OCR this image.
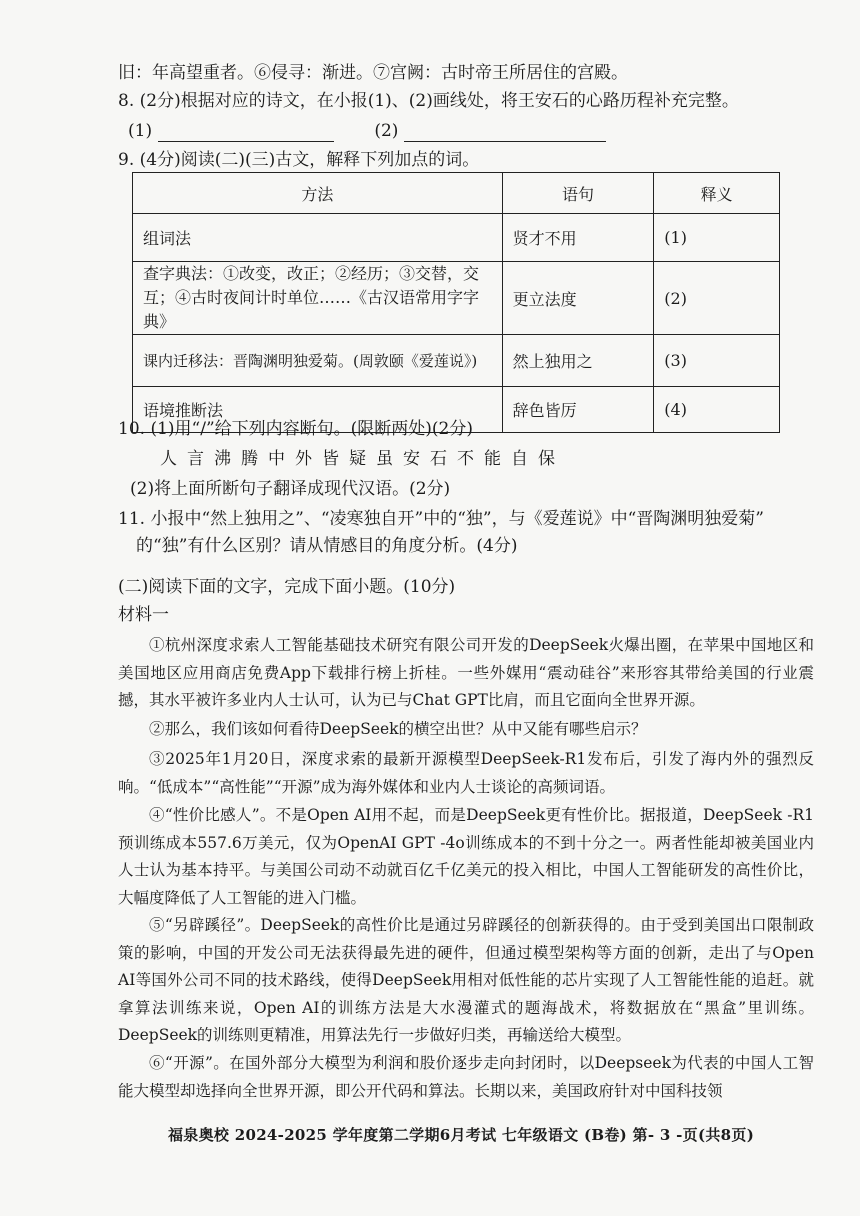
旧：年高望重者。⑥侵寻：渐进。⑦宫阙：古时帝王所居住的宫殿。
8. (2分)根据对应的诗文，在小报(1)、(2)画线处，将王安石的心路历程补充完整。
(1)	(2)
9. (4分)阅读(二)(三)古文，解释下列加点的词。
方法	语句	释义
组词法	贤才不用	(1)
查字典法：①改变，改正；②经历；③交替，交互；④古时夜间计时单位……《古汉语常用字字典》	更立法度	(2)
课内迁移法：晋陶渊明独爱菊。(周敦颐《爱莲说》)	然上独用之	(3)
语境推断法	辞色皆厉	(4)
10. (1)用“/”给下列内容断句。(限断两处)(2分)
人言沸腾中外皆疑虽安石不能自保
(2)将上面所断句子翻译成现代汉语。(2分)
11. 小报中“然上独用之”、“凌寒独自开”中的“独”，与《爱莲说》中“晋陶渊明独爱菊”
的“独”有什么区别？请从情感目的角度分析。(4分)
(二)阅读下面的文字，完成下面小题。(10分)
材料一
①杭州深度求索人工智能基础技术研究有限公司开发的DeepSeek火爆出圈，在苹果中国地区和美国地区应用商店免费App下载排行榜上折桂。一些外媒用“震动硅谷”来形容其带给美国的行业震撼，其水平被许多业内人士认可，认为已与Chat GPT比肩，而且它面向全世界开源。
②那么，我们该如何看待DeepSeek的横空出世？从中又能有哪些启示？
③2025年1月20日，深度求索的最新开源模型DeepSeek-R1发布后，引发了海内外的强烈反响。“低成本”“高性能”“开源”成为海外媒体和业内人士谈论的高频词语。
④“性价比感人”。不是Open AI用不起，而是DeepSeek更有性价比。据报道，DeepSeek -R1预训练成本557.6万美元，仅为OpenAI GPT -4o训练成本的不到十分之一。两者性能却被美国业内人士认为基本持平。与美国公司动不动就百亿千亿美元的投入相比，中国人工智能研发的高性价比，大幅度降低了人工智能的进入门槛。
⑤“另辟蹊径”。DeepSeek的高性价比是通过另辟蹊径的创新获得的。由于受到美国出口限制政策的影响，中国的开发公司无法获得最先进的硬件，但通过模型架构等方面的创新，走出了与Open AI等国外公司不同的技术路线，使得DeepSeek用相对低性能的芯片实现了人工智能性能的追赶。就拿算法训练来说，Open AI的训练方法是大水漫灌式的题海战术，将数据放在“黑盒”里训练。 DeepSeek的训练则更精准，用算法先行一步做好归类，再输送给大模型。
⑥“开源”。在国外部分大模型为利润和股价逐步走向封闭时，以Deepseek为代表的中国人工智能大模型却选择向全世界开源，即公开代码和算法。长期以来，美国政府针对中国科技领
福泉奥校 2024-2025 学年度第二学期6月考试 七年级语文 (B卷) 第- 3 -页(共8页)
